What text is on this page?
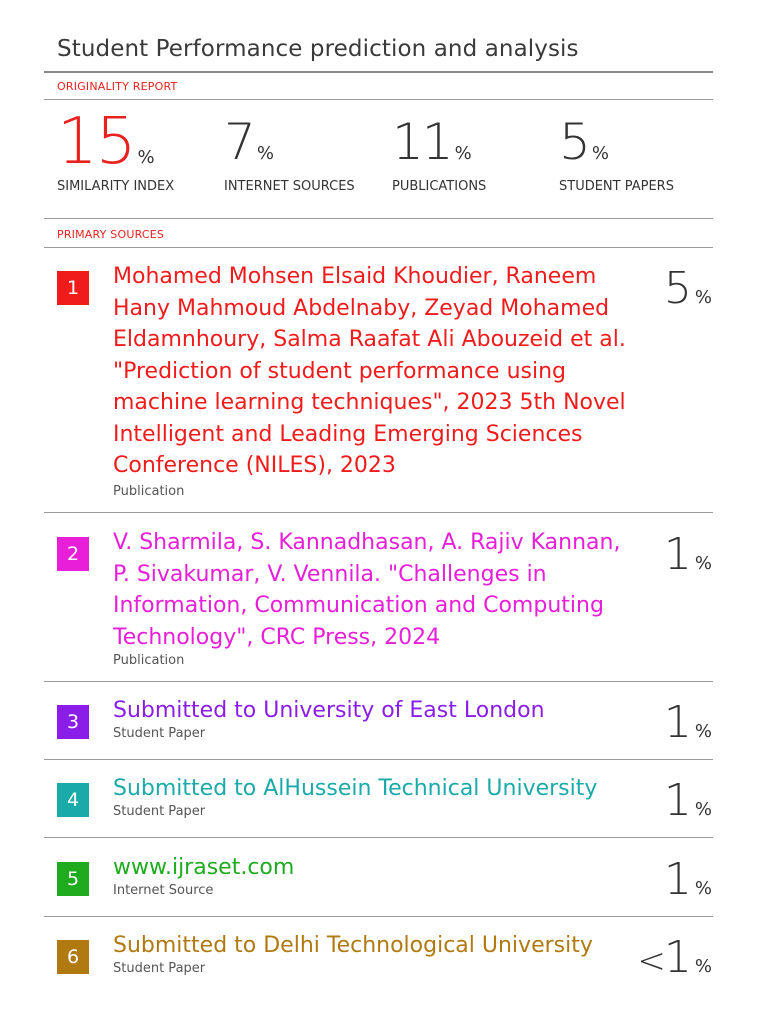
Student Performance prediction and analysis
ORIGINALITY REPORT
15 %
SIMILARITY INDEX
7 %
INTERNET SOURCES
11 %
PUBLICATIONS
5 %
STUDENT PAPERS
PRIMARY SOURCES
1	Mohamed Mohsen Elsaid Khoudier, Raneem Hany Mahmoud Abdelnaby, Zeyad Mohamed Eldamnhoury, Salma Raafat Ali Abouzeid et al. "Prediction of student performance using machine learning techniques", 2023 5th Novel Intelligent and Leading Emerging Sciences Conference (NILES), 2023
Publication
5 %
2	V. Sharmila, S. Kannadhasan, A. Rajiv Kannan, P. Sivakumar, V. Vennila. "Challenges in Information, Communication and Computing Technology", CRC Press, 2024
Publication
1 %
3	Submitted to University of East London
Student Paper	1 %
4	Submitted to AlHussein Technical University
Student Paper	1 %
5	www.ijraset.com
Internet Source	1 %
6	Submitted to Delhi Technological University
Student Paper	<1 %
